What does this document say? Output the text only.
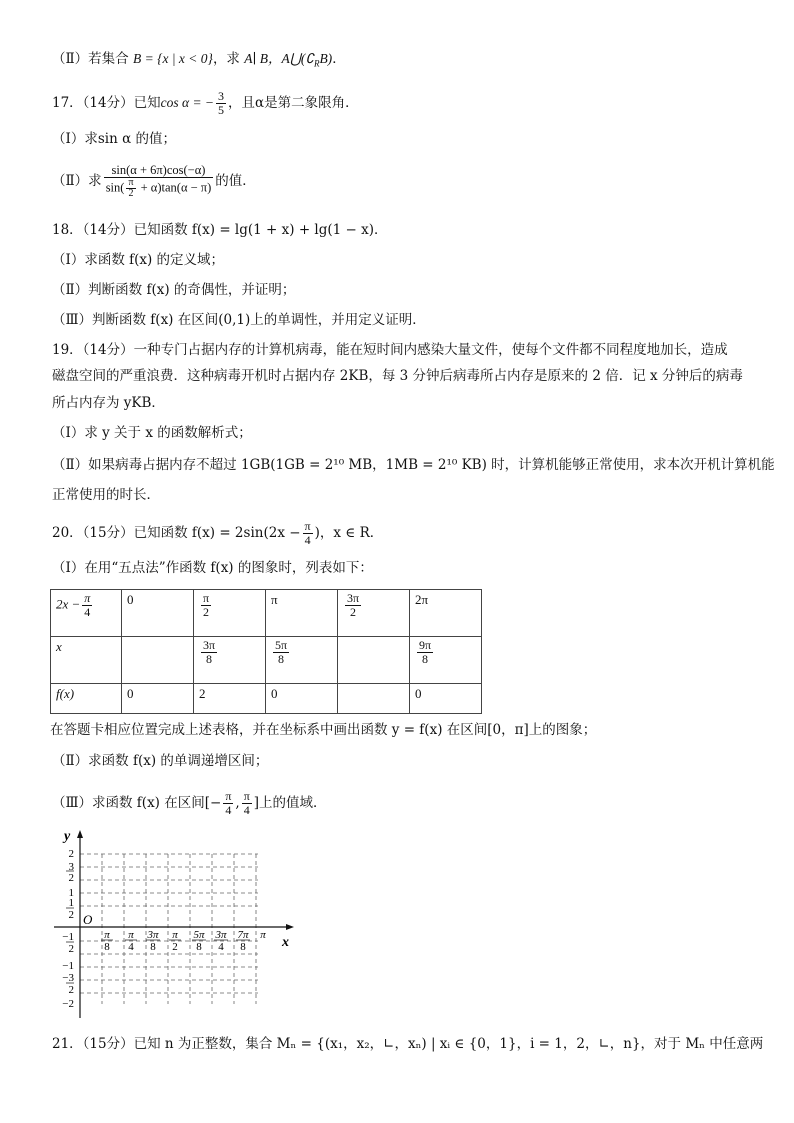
（Ⅱ）若集合 B = {x | x < 0}，求 A∣ B，$A⋃(∁_RB)$．
17．（14分）已知cos α = − $\frac{3}{5}$ ，且α是第二象限角．
（Ⅰ）求sin α 的值；
（Ⅱ）求 $\frac{\sin(\alpha + 6\pi)\cos(-\alpha)}{\sin( \frac{\pi}{2} + \alpha)\tan(\alpha - \pi)}$ 的值．
18．（14分）已知函数 f(x) = lg(1 + x) + lg(1 − x)．
（Ⅰ）求函数 f(x) 的定义域；
（Ⅱ）判断函数 f(x) 的奇偶性，并证明；
（Ⅲ）判断函数 f(x) 在区间(0,1)上的单调性，并用定义证明．
19．（14分）一种专门占据内存的计算机病毒，能在短时间内感染大量文件，使每个文件都不同程度地加长，造成
磁盘空间的严重浪费．这种病毒开机时占据内存 2KB，每 3 分钟后病毒所占内存是原来的 2 倍．记 x 分钟后的病毒
所占内存为 yKB．
（Ⅰ）求 y 关于 x 的函数解析式；
（Ⅱ）如果病毒占据内存不超过 1GB(1GB = 2¹⁰ MB，1MB = 2¹⁰ KB) 时，计算机能够正常使用，求本次开机计算机能
正常使用的时长．
20．（15分）已知函数 $f(x) = 2\sin(2x - \frac{\pi}{4}$ )，x ∈ R．
（Ⅰ）在用“五点法”作函数 f(x) 的图象时，列表如下：
$2x - \frac{\pi}{4}$	0	$\frac{\pi}{2}$	π	$\frac{3\pi}{2}$	2π
x		$\frac{3\pi}{8}$	$\frac{5\pi}{8}$		$\frac{9\pi}{8}$

f(x)	0	2	0		0
在答题卡相应位置完成上述表格，并在坐标系中画出函数 y = f(x) 在区间[0，π]上的图象；
（Ⅱ）求函数 f(x) 的单调递增区间；
（Ⅲ）求函数 f(x) 在区间[− $\frac{\pi}{4}$ , $\frac{\pi}{4}$ ]上的值域．
y
x
O
2
3
2
1
1
2
−1
2
−1
−3
2
−2
π
8
π
4
3π
8
π
2
5π
8
3π
4
7π
8
π
21．（15分）已知 n 为正整数，集合 Mₙ = {(x₁，x₂，∟，xₙ) | xᵢ ∈ {0，1}，i = 1，2，∟，n}，对于 Mₙ 中任意两
